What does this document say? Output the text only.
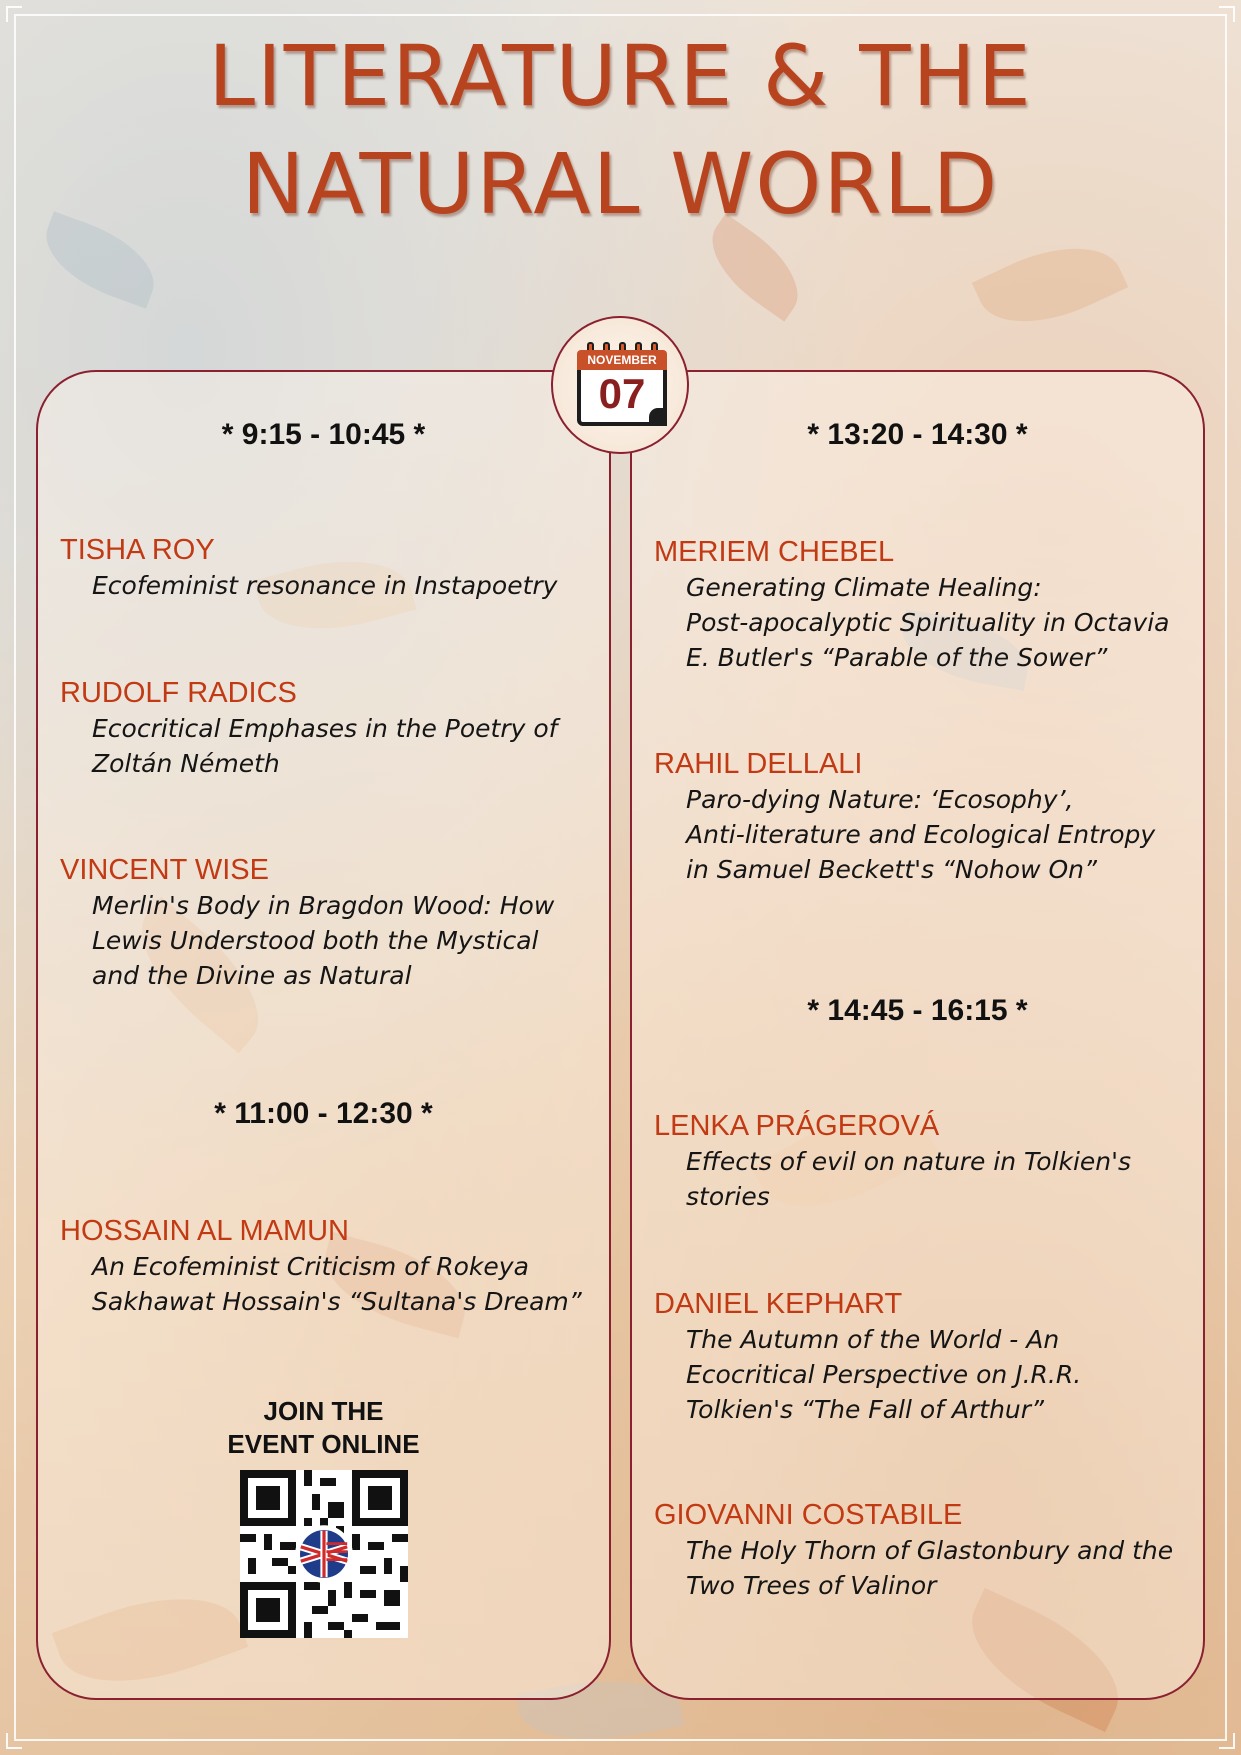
LITERATURE & THE
NATURAL WORLD
NOVEMBER
07
* 9:15 - 10:45 *
TISHA ROY
Ecofeminist resonance in Instapoetry
RUDOLF RADICS
Ecocritical Emphases in the Poetry of
Zoltán Németh
VINCENT WISE
Merlin's Body in Bragdon Wood: How
Lewis Understood both the Mystical
and the Divine as Natural
* 11:00 - 12:30 *
HOSSAIN AL MAMUN
An Ecofeminist Criticism of Rokeya
Sakhawat Hossain's “Sultana's Dream”
JOIN THE
EVENT ONLINE
* 13:20 - 14:30 *
MERIEM CHEBEL
Generating Climate Healing:
Post-apocalyptic Spirituality in Octavia
E. Butler's “Parable of the Sower”
RAHIL DELLALI
Paro-dying Nature: ‘Ecosophy’,
Anti-literature and Ecological Entropy
in Samuel Beckett's “Nohow On”
* 14:45 - 16:15 *
LENKA PRÁGEROVÁ
Effects of evil on nature in Tolkien's
stories
DANIEL KEPHART
The Autumn of the World - An
Ecocritical Perspective on J.R.R.
Tolkien's “The Fall of Arthur”
GIOVANNI COSTABILE
The Holy Thorn of Glastonbury and the
Two Trees of Valinor
